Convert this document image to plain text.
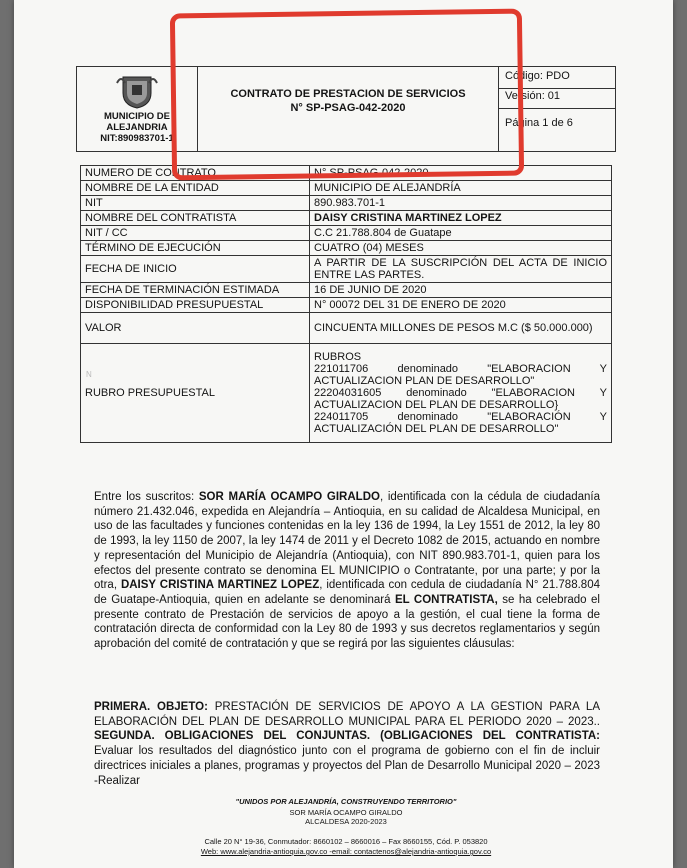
MUNICIPIO DE
ALEJANDRIA
NIT:890983701-1
CONTRATO DE PRESTACION DE SERVICIOS
N° SP-PSAG-042-2020
Código: PDO
Versión: 01
Página 1 de 6
NUMERO DE CONTRATO	N° SP-PSAG-042-2020
NOMBRE DE LA ENTIDAD	MUNICIPIO DE ALEJANDRÍA
NIT	890.983.701-1
NOMBRE DEL CONTRATISTA	DAISY CRISTINA MARTINEZ LOPEZ
NIT / CC	C.C 21.788.804 de Guatape
TÉRMINO DE EJECUCIÓN	CUATRO (04) MESES
FECHA DE INICIO	A PARTIR DE LA SUSCRIPCIÓN DEL ACTA DE INICIO ENTRE LAS PARTES.
FECHA DE TERMINACIÓN ESTIMADA	16 DE JUNIO DE 2020
DISPONIBILIDAD PRESUPUESTAL	N° 00072 DEL 31 DE ENERO DE 2020
VALOR	CINCUENTA MILLONES DE PESOS M.C ($ 50.000.000)
RUBRO PRESUPUESTAL	RUBROS
221011706 denominado "ELABORACION Y ACTUALIZACION PLAN DE DESARROLLO"
22204031605 denominado "ELABORACION Y ACTUALIZACION DEL PLAN DE DESARROLLO}
224011705 denominado "ELABORACIÓN Y ACTUALIZACIÓN DEL PLAN DE DESARROLLO"
N
Entre los suscritos: SOR MARÍA OCAMPO GIRALDO, identificada con la cédula de ciudadanía número 21.432.046, expedida en Alejandría – Antioquia, en su calidad de Alcaldesa Municipal, en uso de las facultades y funciones contenidas en la ley 136 de 1994, la Ley 1551 de 2012, la ley 80 de 1993, la ley 1150 de 2007, la ley 1474 de 2011 y el Decreto 1082 de 2015, actuando en nombre y representación del Municipio de Alejandría (Antioquia), con NIT 890.983.701-1, quien para los efectos del presente contrato se denomina EL MUNICIPIO o Contratante, por una parte; y por la otra, DAISY CRISTINA MARTINEZ LOPEZ, identificada con cedula de ciudadanía N° 21.788.804 de Guatape-Antioquia, quien en adelante se denominará EL CONTRATISTA, se ha celebrado el presente contrato de Prestación de servicios de apoyo a la gestión, el cual tiene la forma de contratación directa de conformidad con la Ley 80 de 1993 y sus decretos reglamentarios y según aprobación del comité de contratación y que se regirá por las siguientes cláusulas:
PRIMERA. OBJETO: PRESTACIÓN DE SERVICIOS DE APOYO A LA GESTION PARA LA ELABORACIÓN DEL PLAN DE DESARROLLO MUNICIPAL PARA EL PERIODO 2020 – 2023.. SEGUNDA. OBLIGACIONES DEL CONJUNTAS. (OBLIGACIONES DEL CONTRATISTA: Evaluar los resultados del diagnóstico junto con el programa de gobierno con el fin de incluir directrices iniciales a planes, programas y proyectos del Plan de Desarrollo Municipal 2020 – 2023 -Realizar
"UNIDOS POR ALEJANDRÍA, CONSTRUYENDO TERRITORIO"
SOR MARÍA OCAMPO GIRALDO
ALCALDESA 2020-2023
Calle 20 N° 19-36, Conmutador: 8660102 – 8660016 – Fax 8660155, Cód. P. 053820
Web: www.alejandria-antioquia.gov.co -email: contactenos@alejandria-antioquia.gov.co
